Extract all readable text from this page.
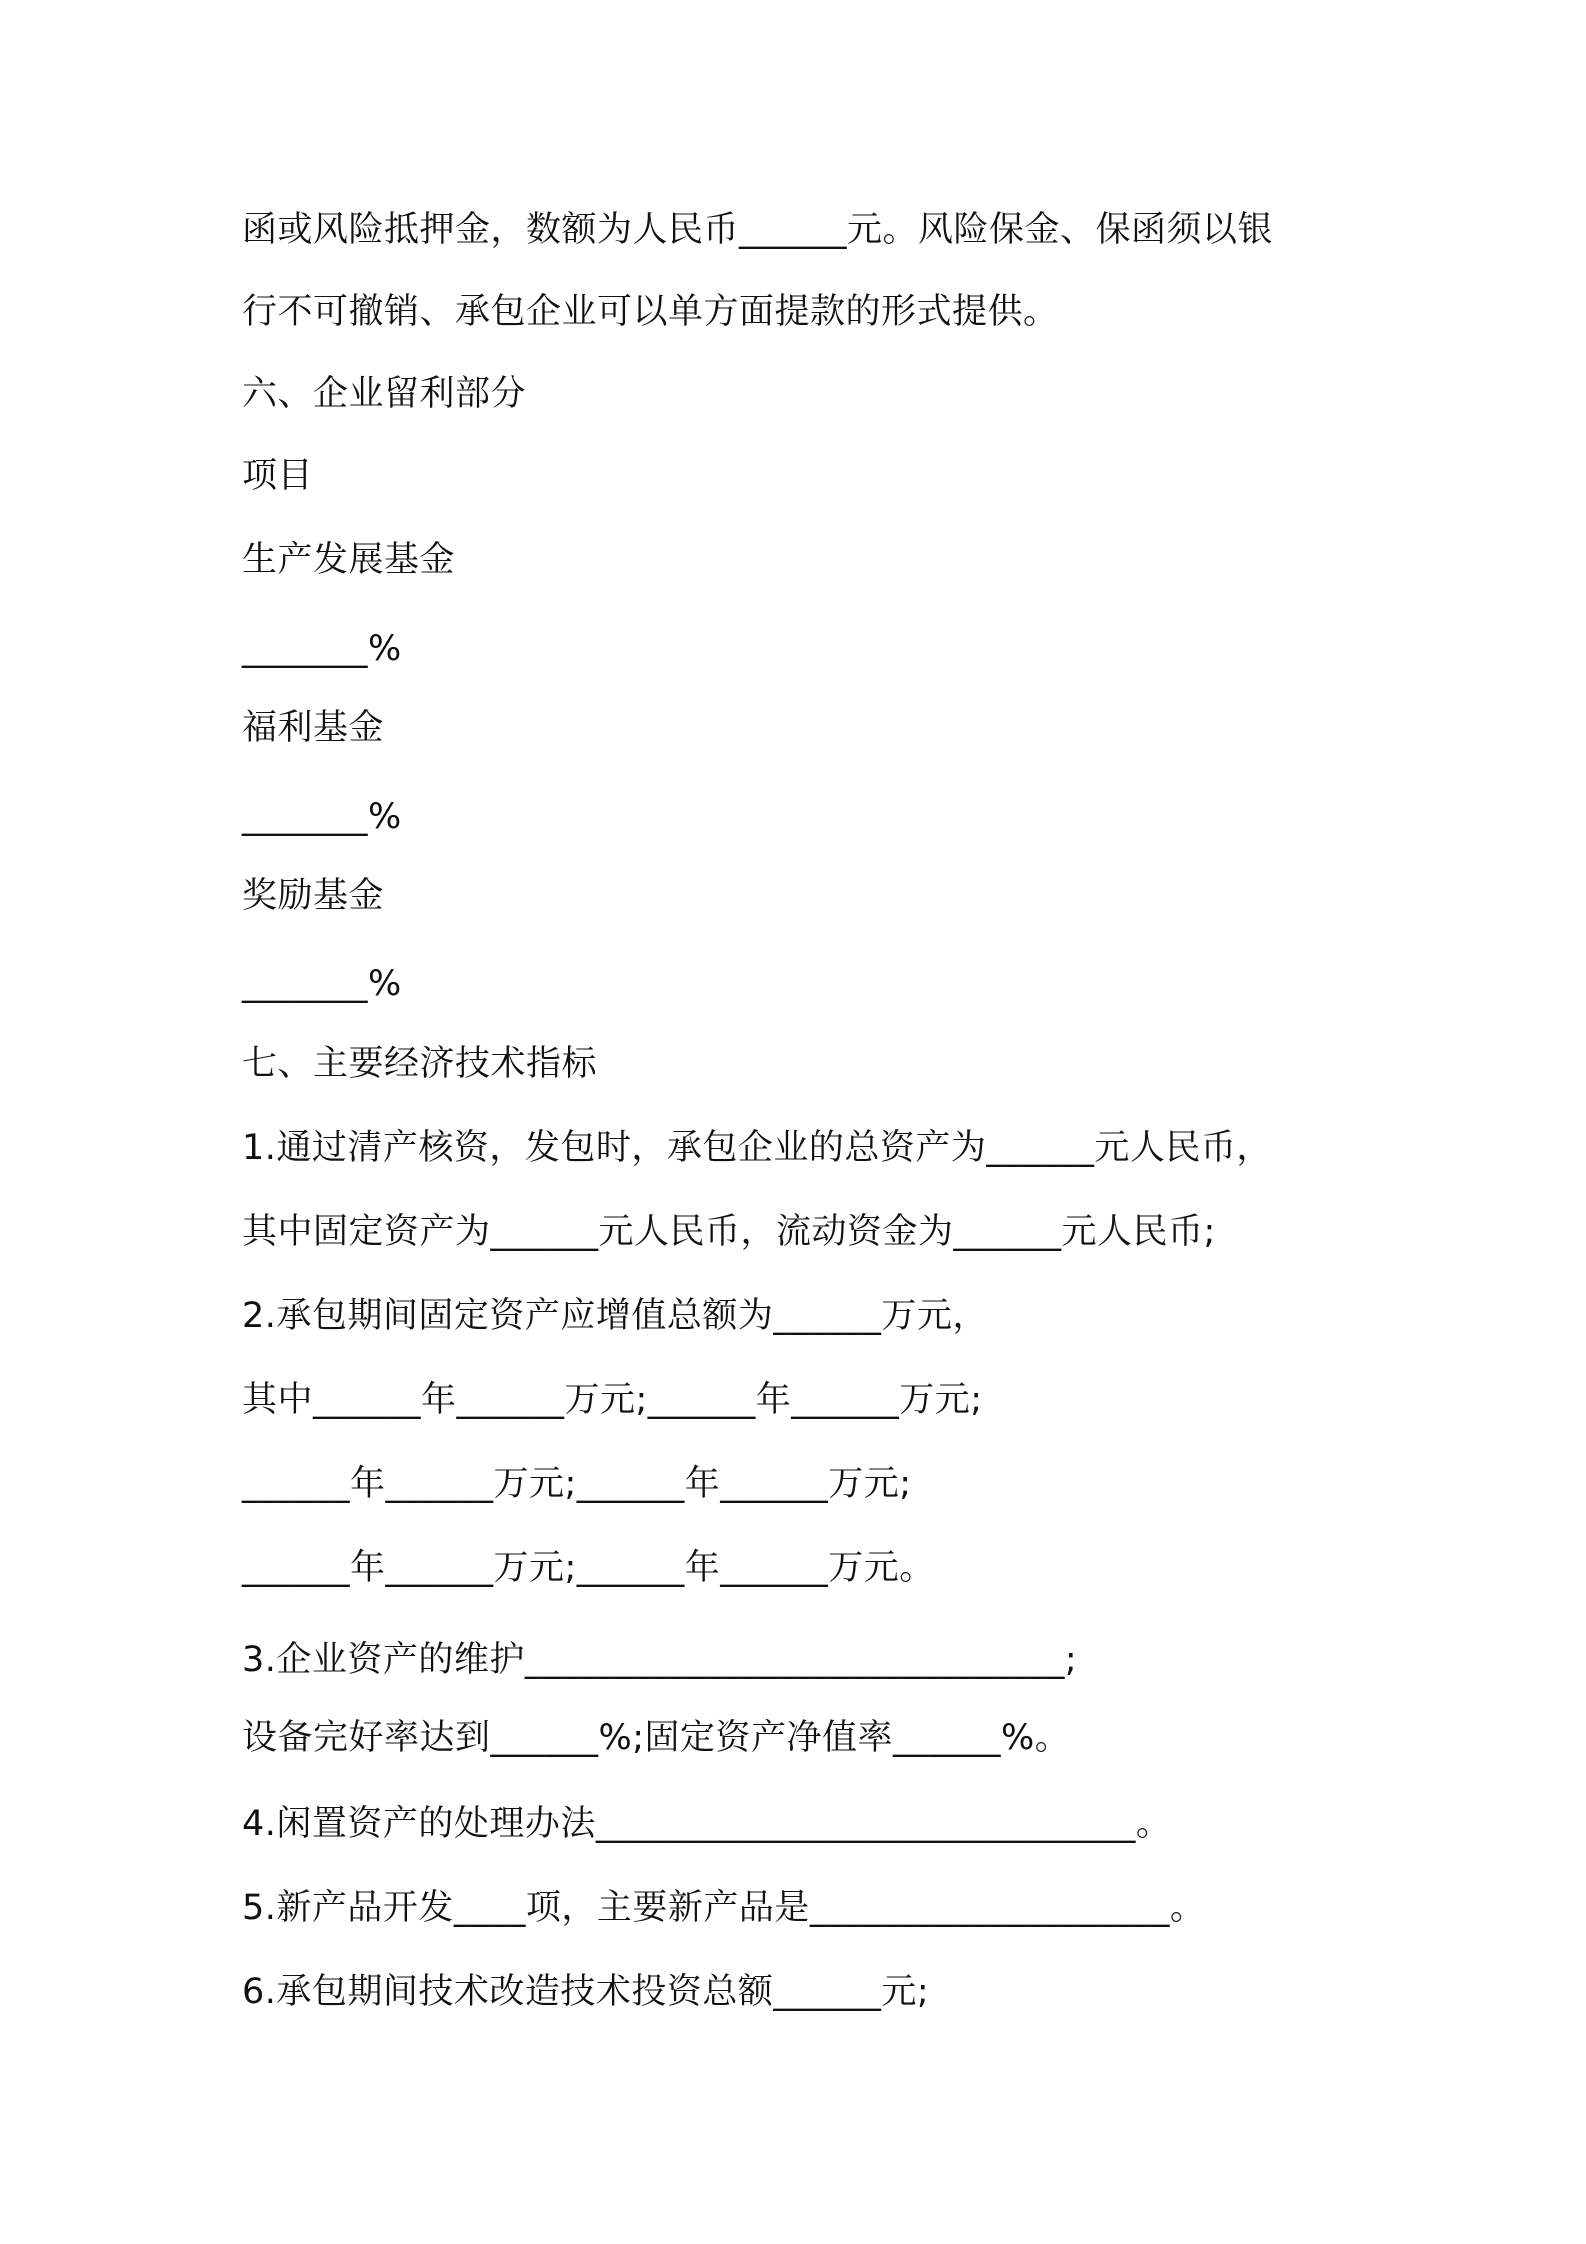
函或风险抵押金，数额为人民币______元。风险保金、保函须以银
行不可撤销、承包企业可以单方面提款的形式提供。
六、企业留利部分
项目
生产发展基金
_______%
福利基金
_______%
奖励基金
_______%
七、主要经济技术指标
1.通过清产核资，发包时，承包企业的总资产为______元人民币，
其中固定资产为______元人民币，流动资金为______元人民币;
2.承包期间固定资产应增值总额为______万元，
其中______年______万元;______年______万元;
______年______万元;______年______万元;
______年______万元;______年______万元。
3.企业资产的维护______________________________;
设备完好率达到______%;固定资产净值率______%。
4.闲置资产的处理办法______________________________。
5.新产品开发____项，主要新产品是____________________。
6.承包期间技术改造技术投资总额______元;
